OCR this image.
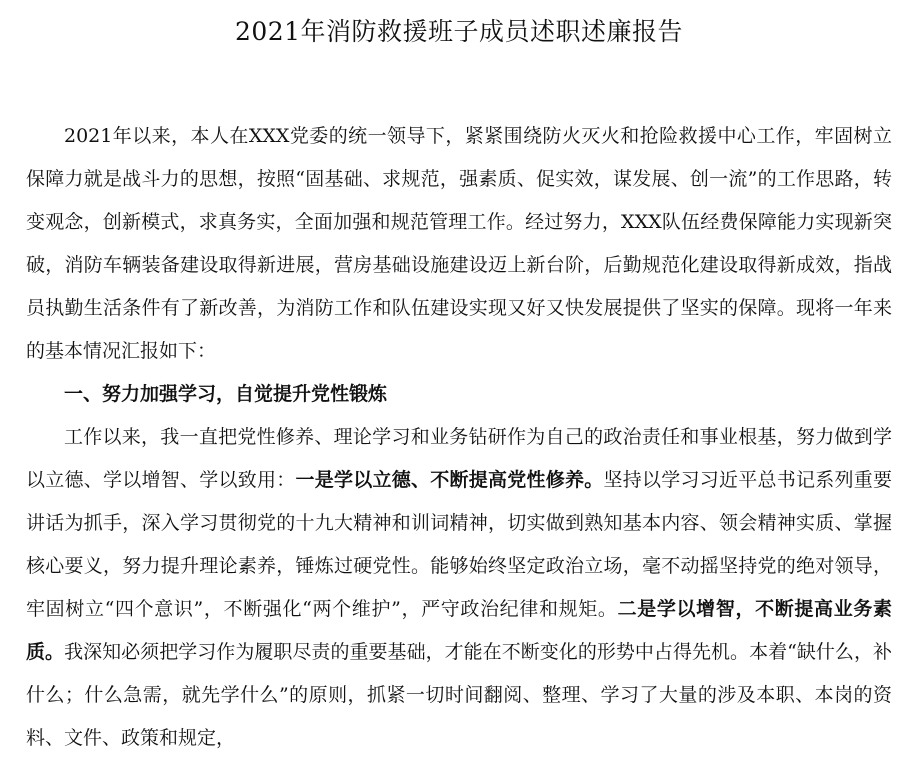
2021年消防救援班子成员述职述廉报告

2021年以来，本人在XXX党委的统一领导下，紧紧围绕防火灭火和抢险救援中心工作，牢固树立保障力就是战斗力的思想，按照“固基础、求规范，强素质、促实效，谋发展、创一流”的工作思路，转变观念，创新模式，求真务实，全面加强和规范管理工作。经过努力，XXX队伍经费保障能力实现新突破，消防车辆装备建设取得新进展，营房基础设施建设迈上新台阶，后勤规范化建设取得新成效，指战员执勤生活条件有了新改善，为消防工作和队伍建设实现又好又快发展提供了坚实的保障。现将一年来的基本情况汇报如下：

一、努力加强学习，自觉提升党性锻炼

工作以来，我一直把党性修养、理论学习和业务钻研作为自己的政治责任和事业根基，努力做到学以立德、学以增智、学以致用：一是学以立德、不断提高党性修养。坚持以学习习近平总书记系列重要讲话为抓手，深入学习贯彻党的十九大精神和训词精神，切实做到熟知基本内容、领会精神实质、掌握核心要义，努力提升理论素养，锤炼过硬党性。能够始终坚定政治立场，毫不动摇坚持党的绝对领导，牢固树立“四个意识”，不断强化“两个维护”，严守政治纪律和规矩。二是学以增智，不断提高业务素质。我深知必须把学习作为履职尽责的重要基础，才能在不断变化的形势中占得先机。本着“缺什么，补什么；什么急需，就先学什么”的原则，抓紧一切时间翻阅、整理、学习了大量的涉及本职、本岗的资料、文件、政策和规定，
